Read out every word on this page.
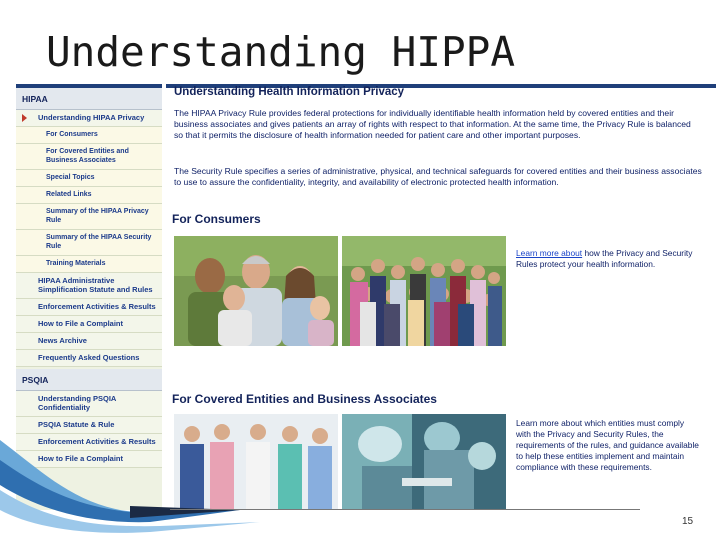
Understanding HIPPA
HIPAA
Understanding HIPAA Privacy
For Consumers
For Covered Entities and Business Associates
Special Topics
Related Links
Summary of the HIPAA Privacy Rule
Summary of the HIPAA Security Rule
Training Materials
HIPAA Administrative Simplification Statute and Rules
Enforcement Activities & Results
How to File a Complaint
News Archive
Frequently Asked Questions
PSQIA
Understanding PSQIA Confidentiality
PSQIA Statute & Rule
Enforcement Activities & Results
How to File a Complaint
Understanding Health Information Privacy
The HIPAA Privacy Rule provides federal protections for individually identifiable health information held by covered entities and their business associates and gives patients an array of rights with respect to that information. At the same time, the Privacy Rule is balanced so that it permits the disclosure of health information needed for patient care and other important purposes.
The Security Rule specifies a series of administrative, physical, and technical safeguards for covered entities and their business associates to use to assure the confidentiality, integrity, and availability of electronic protected health information.
For Consumers
Learn more about how the Privacy and Security Rules protect your health information.
For Covered Entities and Business Associates
Learn more about which entities must comply with the Privacy and Security Rules, the requirements of the rules, and guidance available to help these entities implement and maintain compliance with these requirements.
15
